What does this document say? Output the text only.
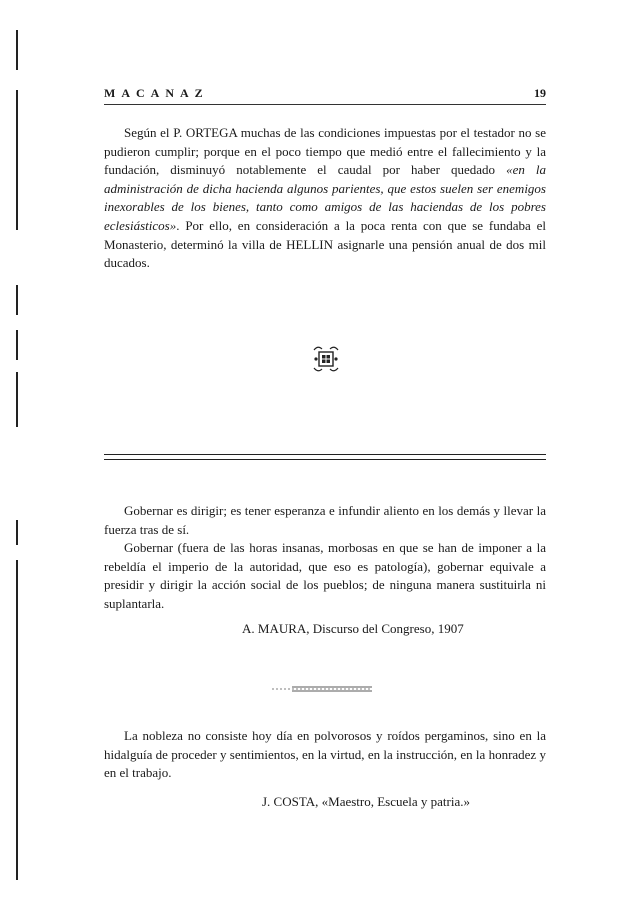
MACANAZ	19

Según el P. ORTEGA muchas de las condiciones impuestas por el testador no se pudieron cumplir; porque en el poco tiempo que medió entre el fallecimiento y la fundación, disminuyó notablemente el caudal por haber quedado «en la administración de dicha hacienda algunos parientes, que estos suelen ser enemigos inexorables de los bienes, tanto como amigos de las haciendas de los pobres eclesiásticos». Por ello, en consideración a la poca renta con que se fundaba el Monasterio, determinó la villa de HELLIN asignarle una pensión anual de dos mil ducados.

Gobernar es dirigir; es tener esperanza e infundir aliento en los demás y llevar la fuerza tras de sí.

Gobernar (fuera de las horas insanas, morbosas en que se han de imponer a la rebeldía el imperio de la autoridad, que eso es patología), gobernar equivale a presidir y dirigir la acción social de los pueblos; de ninguna manera sustituirla ni suplantarla.

A. MAURA, Discurso del Congreso, 1907

La nobleza no consiste hoy día en polvorosos y roídos pergaminos, sino en la hidalguía de proceder y sentimientos, en la virtud, en la instrucción, en la honradez y en el trabajo.

J. COSTA, «Maestro, Escuela y patria.»
